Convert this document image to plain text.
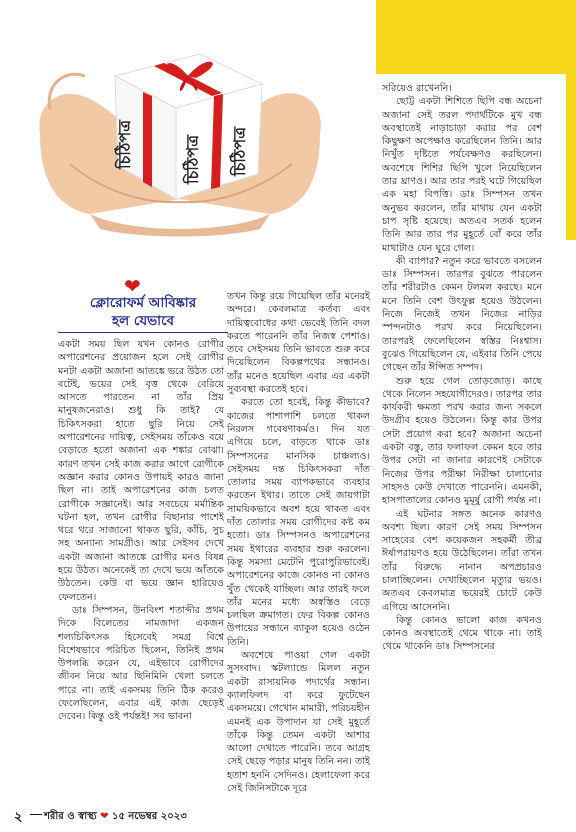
চিঠিপত্র	চিঠিপত্র
চিঠিপত্র
❤
ক্লোরোফর্ম আবিষ্কার
হল যেভাবে

একটা সময় ছিল যখন কোনও রোগীর অপারেশনের প্রয়োজন হলে সেই রোগীর মনটা একটা অজানা আতঙ্কে ভরে উঠত তো বটেই, ভয়ের সেই বৃত্ত থেকে বেরিয়ে আসতে পারতেন না তাঁর প্রিয় মানুষজনেরাও। শুধু কি তাই? যে চিকিৎসকরা হাতে ছুরি নিয়ে সেই অপারেশনের দায়িত্ব, সেইসময় তাঁকেও বয়ে বেড়াতে হতো অজানা এক শঙ্কার বোঝা। কারণ তখন সেই কাজ করার আগে রোগীকে অজ্ঞান করার কোনও উপায়ই কারও জানা ছিল না। তাই অপারেশনের কাজ চলত রোগীকে সজ্ঞানেই। আর সবচেয়ে মর্মান্তিক ঘটনা হল, তখন রোগীর বিছানার পাশেই থরে থরে সাজানো থাকত ছুরি, কাঁচি, সুচ সহ অন্যান্য সামগ্রীও। আর সেইসব দেখে একটা অজানা আতঙ্কে রোগীর মনও বিষন্ন হয়ে উঠত। অনেকেই তা দেখে ভয়ে আঁতকে উঠতেন। কেউ বা ভয়ে জ্ঞান হারিয়েও ফেলতেন।

ডাঃ সিম্পসন, উনবিংশ শতাব্দীর প্রথম দিকে বিলেতের নামজাদা একজন শল্যচিকিৎসক হিসেবেই সমগ্র বিশ্বে বিশেষভাবে পরিচিত ছিলেন, তিনিই প্রথম উপলব্ধি করেন যে, এইভাবে রোগীদের জীবন নিয়ে আর ছিনিমিনি খেলা চলতে পারে না। তাই একসময় তিনি ঠিক করেও ফেলেছিলেন, এবার এই কাজ ছেড়েই দেবেন। কিন্তু ওই পর্যন্তই! সব ভাবনা

তখন কিন্তু রয়ে গিয়েছিল তাঁর মনেরই অন্দরে। কেবলমাত্র কর্তব্য এবং দায়িত্ববোধের কথা ভেবেই তিনি বদল করতে পারেননি তাঁর নিজস্ব পেশাও। তবে সেইসময় তিনি ভাবতে শুরু করে দিয়েছিলেন বিকল্পপথের সন্ধানও। তাঁর মনেও হয়েছিল এবার এর একটা সুব্যবস্থা করতেই হবে।

করতে তো হবেই, কিন্তু কীভাবে? কাজের পাশাপাশি চলতে থাকল নিরলস গবেষণাকর্মও। দিন যত এগিয়ে চলে, বাড়তে থাকে ডাঃ সিম্পসনের মানসিক চাঞ্চল্যও। সেইসময় দন্ত চিকিৎসকরা দাঁত তোলার সময় ব্যাপকভাবে ব্যবহার করতেন ইথার। তাতে সেই জায়গাটা সাময়িকভাবে অবশ হয়ে থাকত এবং দাঁত তোলার সময় রোগীদের কষ্ট কম হতো। ডাঃ সিম্পসনও অপারেশনের সময় ইথারের ব্যবহার শুরু করলেন। কিন্তু সমস্যা মেটেনি পুরোপুরিভাবেই। অপারেশনের কাজে কোনও না কোনও খুঁত থেকেই যাচ্ছিল। আর তারই ফলে তাঁর মনের মধ্যে অস্বস্তিও বেড়ে চলছিল ক্রমাগত। ফের বিকল্প কোনও উপায়ের সন্ধানে ব্যাকুল হয়েও ওঠেন তিনি।

অবশেষে পাওয়া গেল একটা সুসংবাদ। স্কটল্যান্ডে মিলল নতুন একটা রাসায়নিক পদার্থের সন্ধান। ক্যালফিলদ বা করে ফুটেছেন একসময়ে। গেখোন মামারী, পরিচয়হীন এমনই এক উপাদান যা সেই মুহূর্তে তাঁকে কিন্তু তেমন একটা আশার আলো দেখাতে পারেনি। তবে আগ্রহ সেই ছেড়ে পড়ার মানুষ তিনি নন। তাই হতাশ হননি সেদিনও। হেলাফেলা করে সেই জিনিসটাকে দূরে

সরিয়েও রাখেননি।

ছোট্ট একটা শিশিতে ছিপি বন্ধ অচেনা অজানা সেই তরল পদার্থটিকে মুখ বন্ধ অবস্থাতেই নাড়াচাড়া করার পর বেশ কিছুক্ষণ অপেক্ষাও করেছিলেন তিনি। আর নিখুঁত দৃষ্টিতে পর্যবেক্ষণও করছিলেন। অবশেষে শিশির ছিপি খুলে নিয়েছিলেন তার ঘ্রাণও। আর তার পরই ঘটে গিয়েছিল এক মহা বিপত্তি। ডাঃ সিম্পসন তখন অনুভব করলেন, তাঁর মাথায় যেন একটা চাপ সৃষ্টি হয়েছে। অতএব সতর্ক হলেন তিনি আর তার পর মুহূর্তে বোঁ করে তাঁর মাথাটাও যেন ঘুরে গেল।

কী ব্যাপার? নতুন করে ভাবতে বসলেন ডাঃ সিম্পসন। তারপর বুঝতে পারলেন তাঁর শরীরটাও কেমন টলমল করছে। মনে মনে তিনি বেশ উৎফুল্ল হয়েও উঠলেন। নিজে নিজেই তখন নিজের নাড়ির স্পন্দনটাও পরখ করে নিয়েছিলেন। তারপরই ফেলেছিলেন স্বস্তির নিঃশ্বাস। বুঝেও গিয়েছিলেন যে, এইবার তিনি পেয়ে গেছেন তাঁর ঈপ্সিত সম্পদ।

শুরু হয়ে গেল তোড়জোড়। কাছে থেকে নিলেন সহযোগীদেরও। তারপর তার কার্যকরী ক্ষমতা পরখ করার জন্য সকলে উদগ্রীব হয়েও উঠলেন। কিন্তু কার উপর সেটা প্রয়োগ করা হবে? অজানা অচেনা একটা বস্তু, তার ফলাফল কেমন হবে তার উপর সেটা না জানার কারণেই সেটাকে নিজের উপর পরীক্ষা নিরীক্ষা চালানোর সাহসও কেউ দেখাতে পারেননি। এমনকী, হাসপাতালের কোনও মুমূর্ষু রোগী পর্যন্ত না।

এই ঘটনার সঙ্গত অনেক কারণও অবশ্য ছিল। কারণ সেই সময় সিম্পসন সাহেবের বেশ কয়েকজন সহকর্মী তীব্র ঈর্ষাপরায়ণও হয়ে উঠেছিলেন। তাঁরা তখন তাঁর বিরুদ্ধে নানান অপপ্রচারও চালাচ্ছিলেন। দেখাচ্ছিলেন মৃত্যুর ভয়ও। অতএব কেবলমাত্র ভয়েরই চোটে কেউ এগিয়ে আসেননি।

কিন্তু কোনও ভালো কাজ কখনও কোনও অবস্থাতেই থেমে থাকে না। তাই থেমে থাকেনি ডাঃ সিম্পসনের

২ শরীর ও স্বাস্থ্য ❤ ১৫ নভেম্বর ২০২৩
